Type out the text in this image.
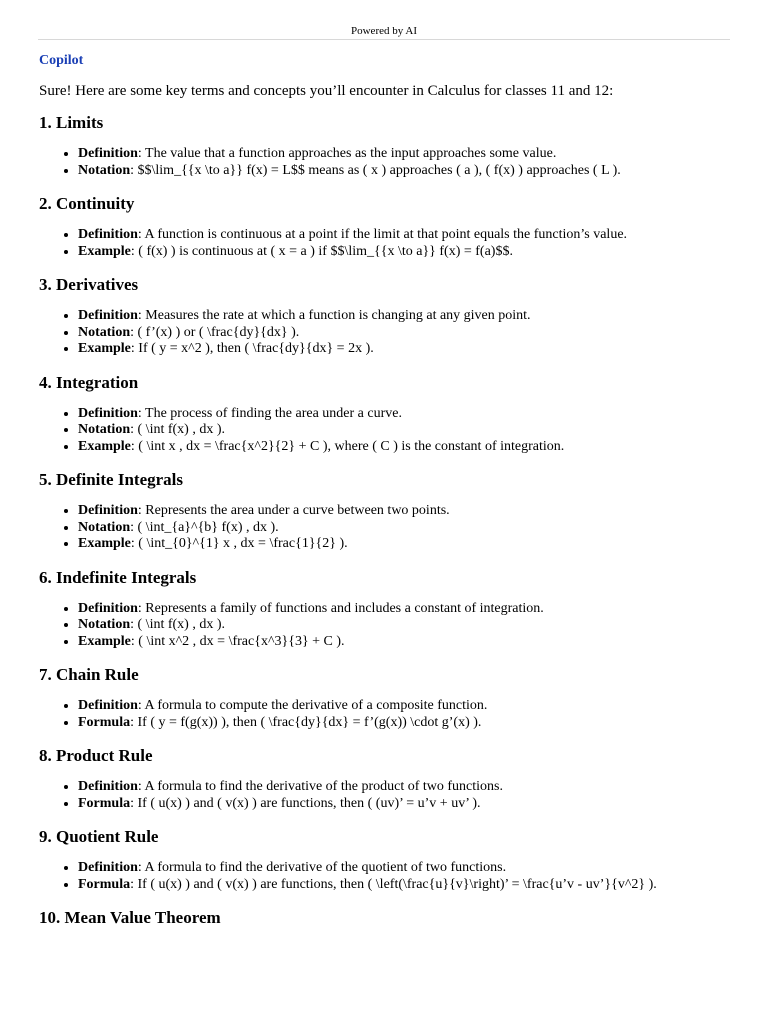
Powered by AI
Copilot

Sure! Here are some key terms and concepts you’ll encounter in Calculus for classes 11 and 12:

1. Limits
• Definition: The value that a function approaches as the input approaches some value.
• Notation: $$\lim_{{x \to a}} f(x) = L$$ means as ( x ) approaches ( a ), ( f(x) ) approaches ( L ).
2. Continuity
• Definition: A function is continuous at a point if the limit at that point equals the function’s value.
• Example: ( f(x) ) is continuous at ( x = a ) if $$\lim_{{x \to a}} f(x) = f(a)$$.
3. Derivatives
• Definition: Measures the rate at which a function is changing at any given point.
• Notation: ( f’(x) ) or ( \frac{dy}{dx} ).
• Example: If ( y = x^2 ), then ( \frac{dy}{dx} = 2x ).
4. Integration
• Definition: The process of finding the area under a curve.
• Notation: ( \int f(x) , dx ).
• Example: ( \int x , dx = \frac{x^2}{2} + C ), where ( C ) is the constant of integration.
5. Definite Integrals
• Definition: Represents the area under a curve between two points.
• Notation: ( \int_{a}^{b} f(x) , dx ).
• Example: ( \int_{0}^{1} x , dx = \frac{1}{2} ).
6. Indefinite Integrals
• Definition: Represents a family of functions and includes a constant of integration.
• Notation: ( \int f(x) , dx ).
• Example: ( \int x^2 , dx = \frac{x^3}{3} + C ).
7. Chain Rule
• Definition: A formula to compute the derivative of a composite function.
• Formula: If ( y = f(g(x)) ), then ( \frac{dy}{dx} = f’(g(x)) \cdot g’(x) ).
8. Product Rule
• Definition: A formula to find the derivative of the product of two functions.
• Formula: If ( u(x) ) and ( v(x) ) are functions, then ( (uv)’ = u’v + uv’ ).
9. Quotient Rule
• Definition: A formula to find the derivative of the quotient of two functions.
• Formula: If ( u(x) ) and ( v(x) ) are functions, then ( \left(\frac{u}{v}\right)’ = \frac{u’v - uv’}{v^2} ).
10. Mean Value Theorem
